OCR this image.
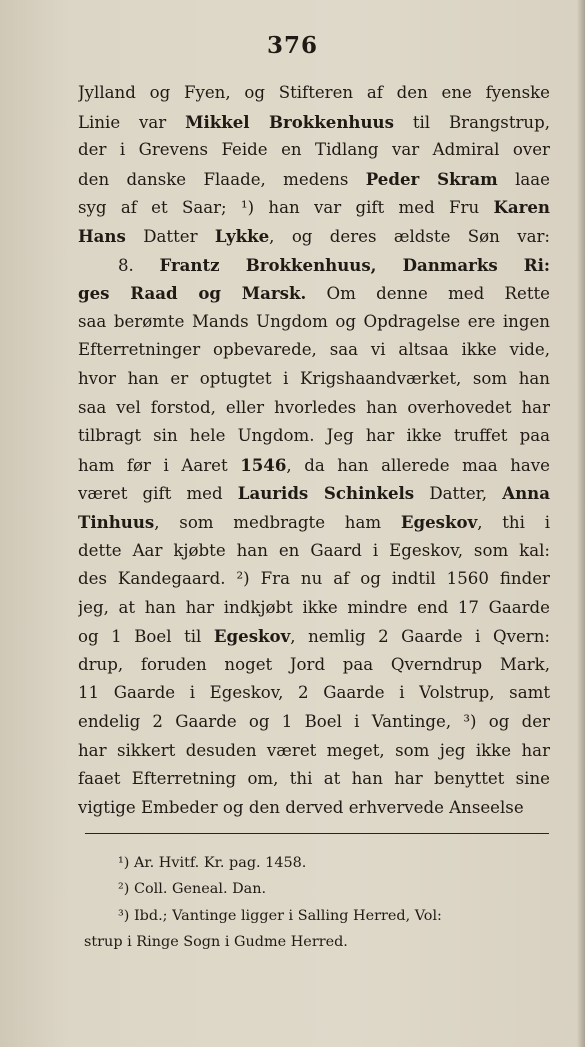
376
Jylland og Fyen, og Stifteren af den ene fyenske
Linie var Mikkel Brokkenhuus til Brangstrup,
der i Grevens Feide en Tidlang var Admiral over
den danske Flaade, medens Peder Skram laae
syg af et Saar; ¹) han var gift med Fru Karen
Hans Datter Lykke, og deres ældste Søn var:
8. Frantz Brokkenhuus, Danmarks Ri:
ges Raad og Marsk. Om denne med Rette
saa berømte Mands Ungdom og Opdragelse ere ingen
Efterretninger opbevarede, saa vi altsaa ikke vide,
hvor han er optugtet i Krigshaandværket, som han
saa vel forstod, eller hvorledes han overhovedet har
tilbragt sin hele Ungdom. Jeg har ikke truffet paa
ham før i Aaret 1546, da han allerede maa have
været gift med Laurids Schinkels Datter, Anna
Tinhuus, som medbragte ham Egeskov, thi i
dette Aar kjøbte han en Gaard i Egeskov, som kal:
des Kandegaard. ²) Fra nu af og indtil 1560 finder
jeg, at han har indkjøbt ikke mindre end 17 Gaarde
og 1 Boel til Egeskov, nemlig 2 Gaarde i Qvern:
drup, foruden noget Jord paa Qverndrup Mark,
11 Gaarde i Egeskov, 2 Gaarde i Volstrup, samt
endelig 2 Gaarde og 1 Boel i Vantinge, ³) og der
har sikkert desuden været meget, som jeg ikke har
faaet Efterretning om, thi at han har benyttet sine
vigtige Embeder og den derved erhvervede Anseelse
¹) Ar. Hvitf. Kr. pag. 1458.
²) Coll. Geneal. Dan.
³) Ibd.; Vantinge ligger i Salling Herred, Vol:
strup i Ringe Sogn i Gudme Herred.
